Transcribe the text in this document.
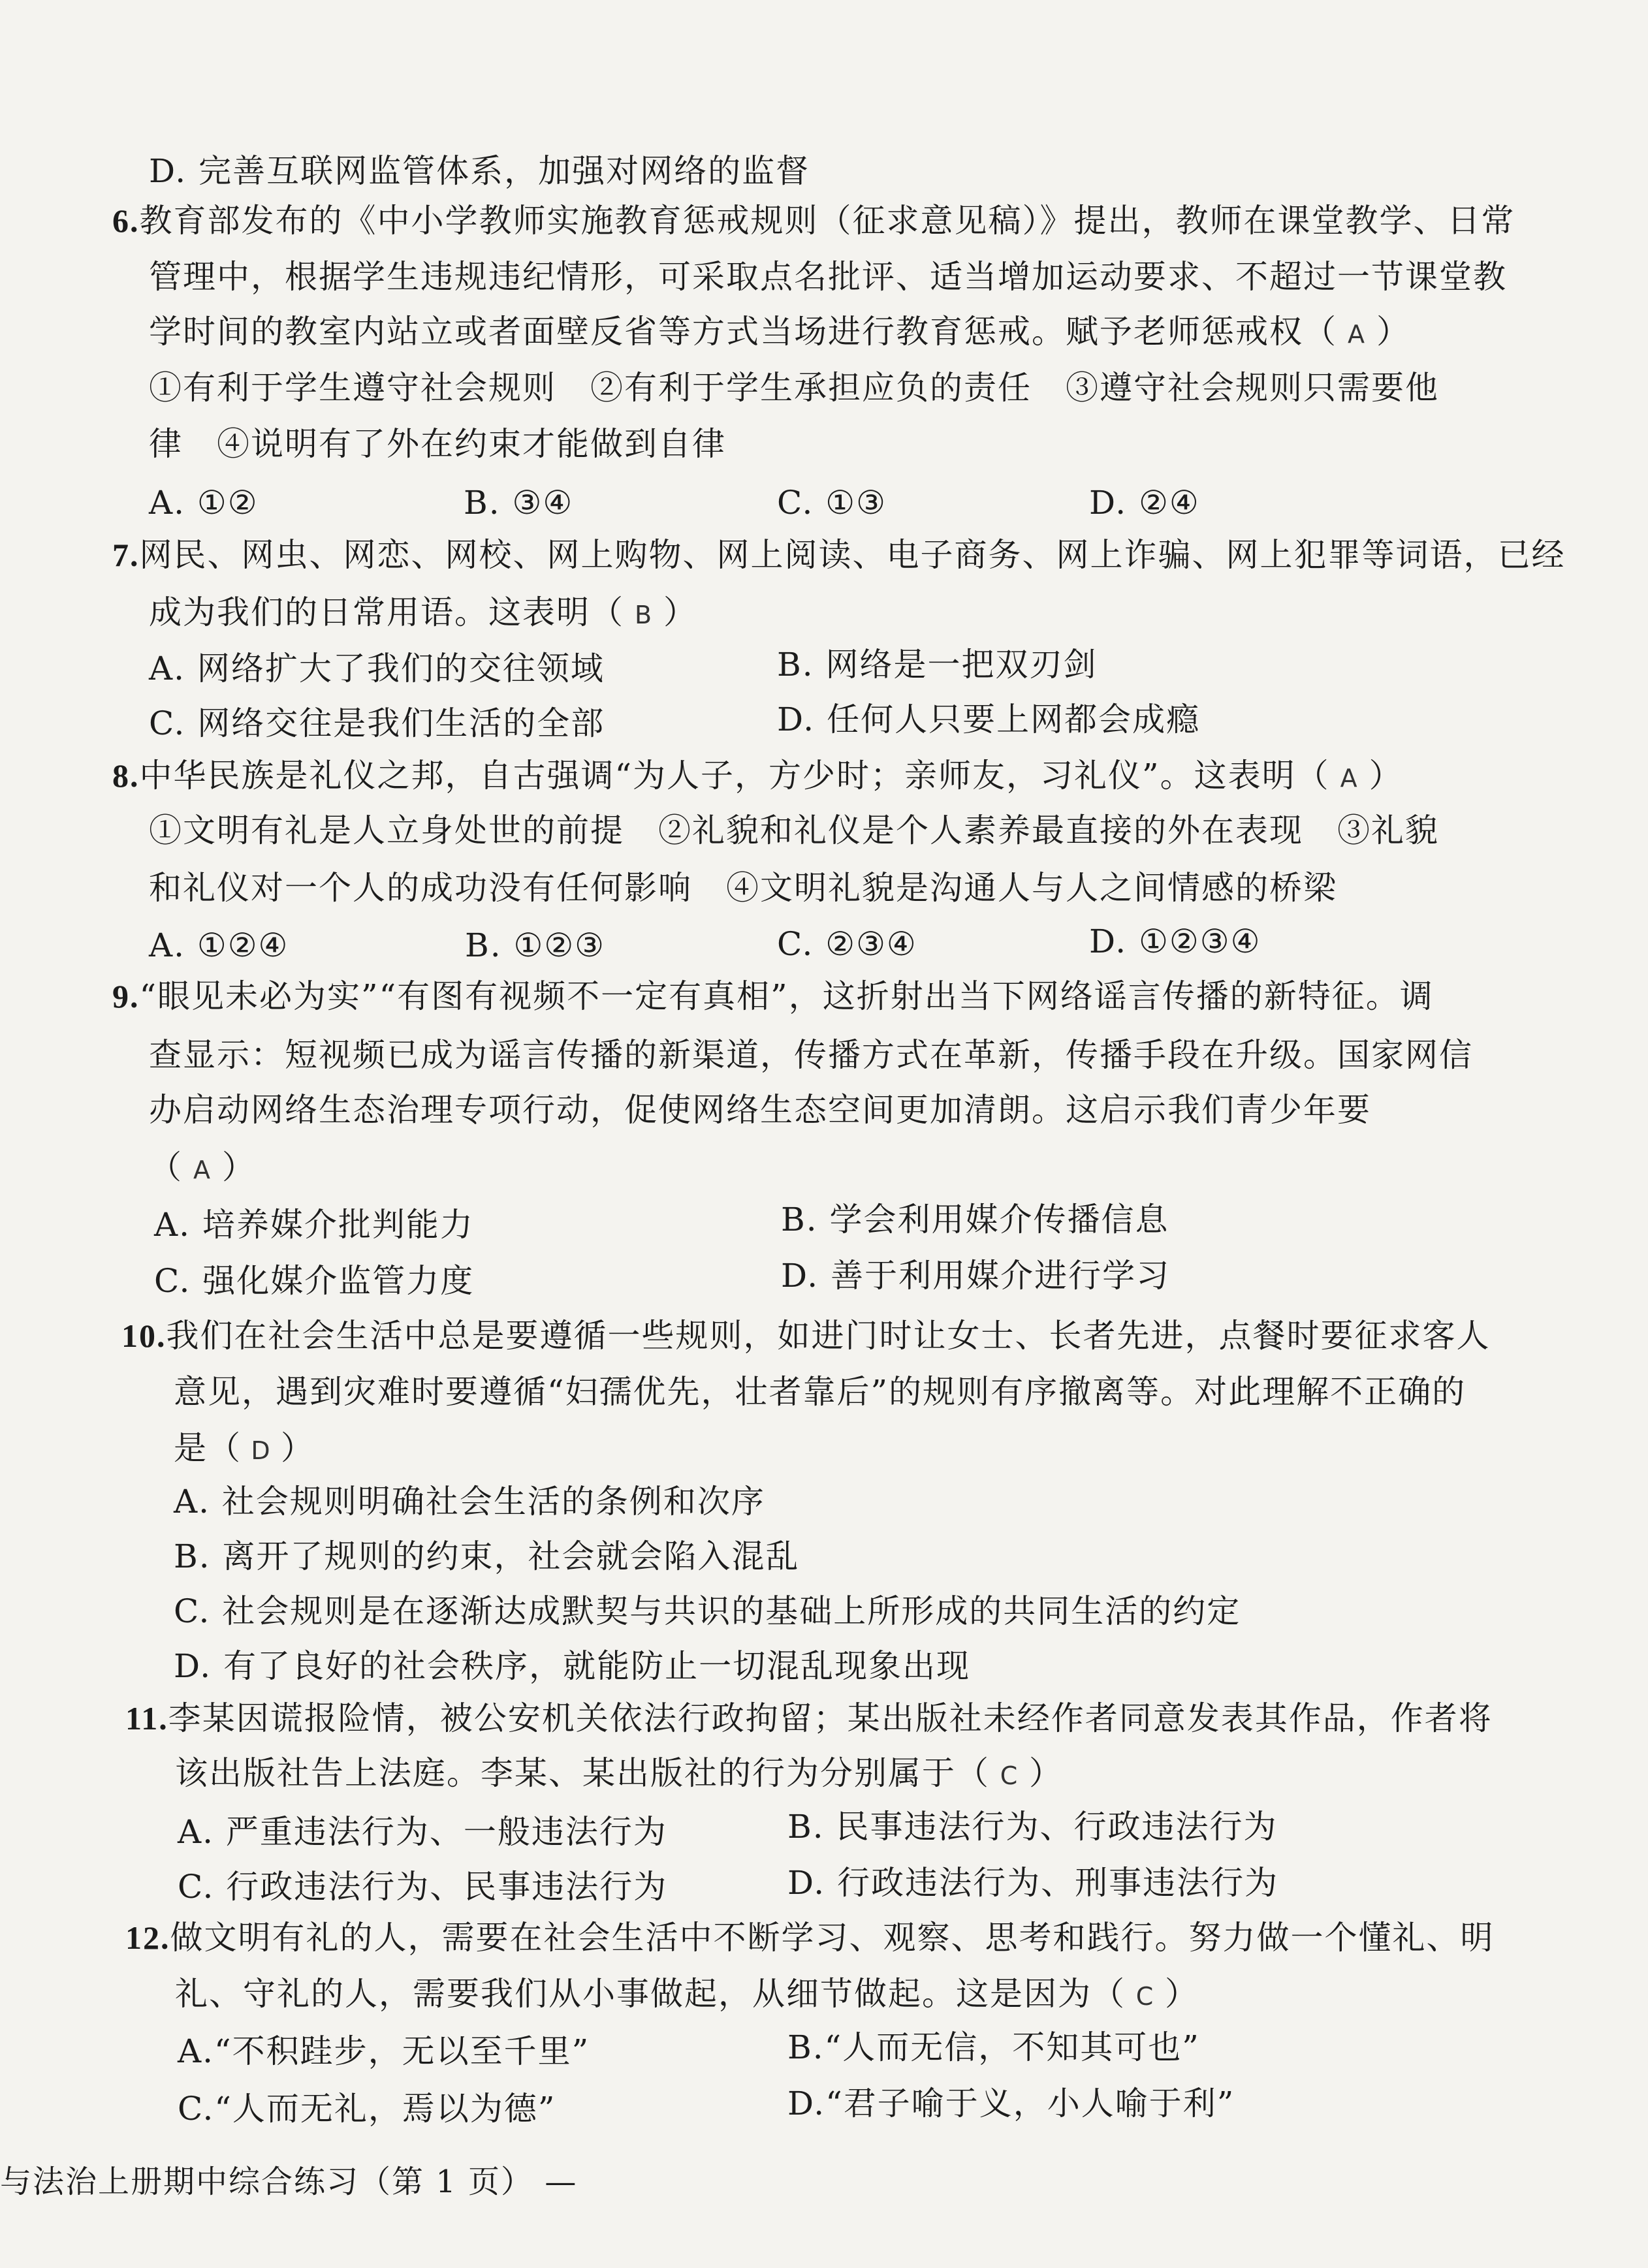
D. 完善互联网监管体系，加强对网络的监督
6.教育部发布的《中小学教师实施教育惩戒规则（征求意见稿）》提出，教师在课堂教学、日常
管理中，根据学生违规违纪情形，可采取点名批评、适当增加运动要求、不超过一节课堂教
学时间的教室内站立或者面壁反省等方式当场进行教育惩戒。赋予老师惩戒权（ A ）
①有利于学生遵守社会规则　②有利于学生承担应负的责任　③遵守社会规则只需要他
律　④说明有了外在约束才能做到自律
A. ①②	B. ③④	C. ①③	D. ②④
7.网民、网虫、网恋、网校、网上购物、网上阅读、电子商务、网上诈骗、网上犯罪等词语，已经
成为我们的日常用语。这表明（ B ）
A. 网络扩大了我们的交往领域	B. 网络是一把双刃剑
C. 网络交往是我们生活的全部	D. 任何人只要上网都会成瘾
8.中华民族是礼仪之邦，自古强调“为人子，方少时；亲师友，习礼仪”。这表明（ A ）
①文明有礼是人立身处世的前提　②礼貌和礼仪是个人素养最直接的外在表现　③礼貌
和礼仪对一个人的成功没有任何影响　④文明礼貌是沟通人与人之间情感的桥梁
A. ①②④	B. ①②③	C. ②③④	D. ①②③④
9.“眼见未必为实”“有图有视频不一定有真相”，这折射出当下网络谣言传播的新特征。调
查显示：短视频已成为谣言传播的新渠道，传播方式在革新，传播手段在升级。国家网信
办启动网络生态治理专项行动，促使网络生态空间更加清朗。这启示我们青少年要
（ A ）
A. 培养媒介批判能力	B. 学会利用媒介传播信息
C. 强化媒介监管力度	D. 善于利用媒介进行学习
10.我们在社会生活中总是要遵循一些规则，如进门时让女士、长者先进，点餐时要征求客人
意见，遇到灾难时要遵循“妇孺优先，壮者靠后”的规则有序撤离等。对此理解不正确的
是（ D ）
A. 社会规则明确社会生活的条例和次序
B. 离开了规则的约束，社会就会陷入混乱
C. 社会规则是在逐渐达成默契与共识的基础上所形成的共同生活的约定
D. 有了良好的社会秩序，就能防止一切混乱现象出现
11.李某因谎报险情，被公安机关依法行政拘留；某出版社未经作者同意发表其作品，作者将
该出版社告上法庭。李某、某出版社的行为分别属于（ C ）
A. 严重违法行为、一般违法行为	B. 民事违法行为、行政违法行为
C. 行政违法行为、民事违法行为	D. 行政违法行为、刑事违法行为
12.做文明有礼的人，需要在社会生活中不断学习、观察、思考和践行。努力做一个懂礼、明
礼、守礼的人，需要我们从小事做起，从细节做起。这是因为（ C ）
A.“不积跬步，无以至千里”	B.“人而无信，不知其可也”
C.“人而无礼，焉以为德”	D.“君子喻于义，小人喻于利”
与法治上册期中综合练习（第 1 页） —
